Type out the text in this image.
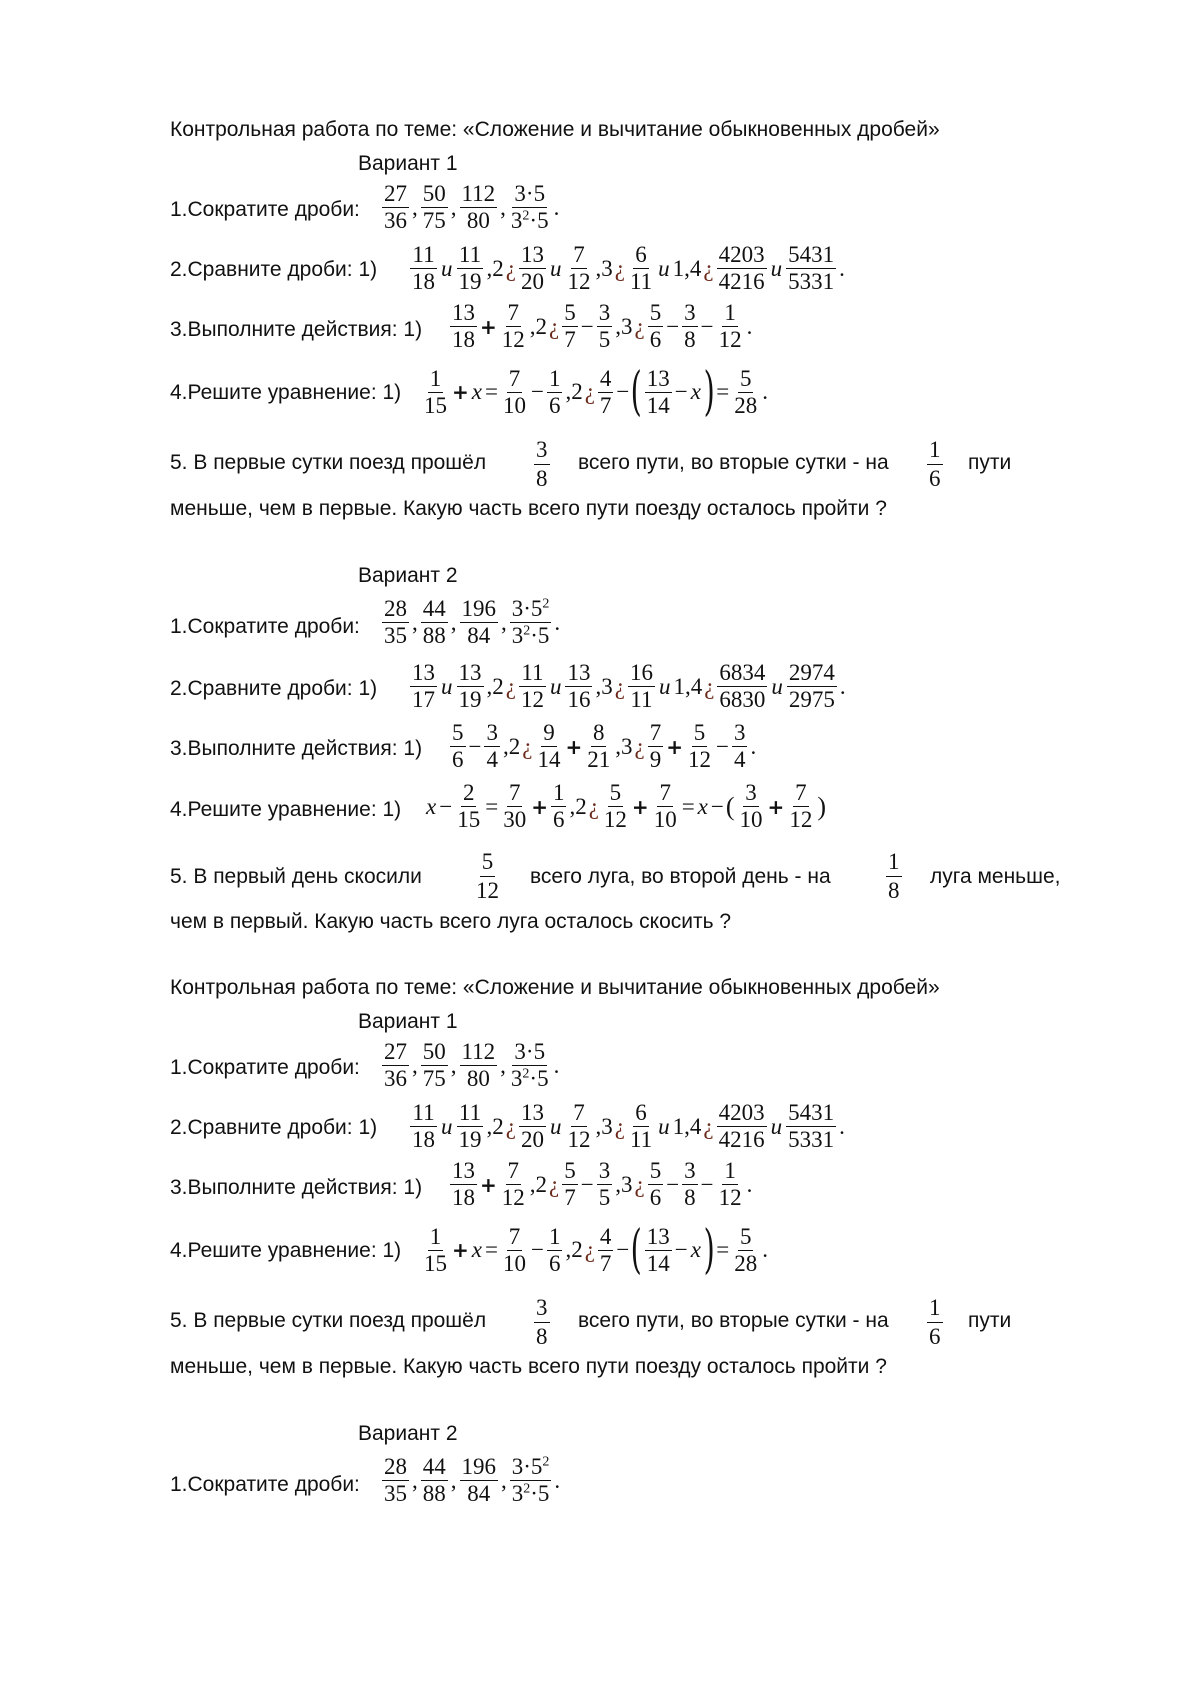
Контрольная работа по теме: «Сложение и вычитание обыкновенных дробей»
Вариант 1
1.Сократите дроби:
27
36
,
50
75
,
112
80
,
3·5
$3^2\cdot 5$
.
2.Сравните дроби: 1)
11
18
u
11
19
,2 ¿
13
20
u
7
12
,3 ¿
6
11
u 1,4 ¿
4203
4216
u
5431
5331
.
3.Выполните действия: 1)
13
18
+ $\frac{7}{12} ,2$ ¿
5
7
− $\frac{3}{5} ,3$ ¿
5
6
− $\frac{3}{8} - \frac{1}{12}$ .
4.Решите уравнение: 1)
1
15
+ $x = \frac{7}{10} - \frac{1}{6} ,2$ ¿
4
7
− ( 13
14
− x ) = $\frac{5}{28}$ .
5. В первые сутки поезд прошёл
3
8
всего пути, во вторые сутки - на
1
6
пути
меньше, чем в первые. Какую часть всего пути поезду осталось пройти ?
Вариант 2
1.Сократите дроби:
28
35
,
44
88
,
196
84
,
$3\cdot 5^2$
$3^2\cdot 5$
.
2.Сравните дроби: 1)
13
17
u
13
19
,2 ¿
11
12
u
13
16
,3 ¿
16
11
u 1,4 ¿
6834
6830
u
2974
2975
.
3.Выполните действия: 1)
5
6
− $\frac{3}{4} ,2$ ¿
9
14
+ $\frac{8}{21} ,3$ ¿
7
9
+ $\frac{5}{12} - \frac{3}{4}$ .
4.Решите уравнение: 1) $x - \frac{2}{15} = \frac{7}{30} + \frac{1}{6} ,2$ ¿
5
12
+ $\frac{7}{10} = x$ − ( 3
10
+ $\frac{7}{12}$ )
5. В первый день скосили
5
12
всего луга, во второй день - на
1
8
луга меньше,
чем в первый. Какую часть всего луга осталось скосить ?
Контрольная работа по теме: «Сложение и вычитание обыкновенных дробей»
Вариант 1
1.Сократите дроби:
27
36
,
50
75
,
112
80
,
3·5
$3^2\cdot 5$
.
2.Сравните дроби: 1)
11
18
u
11
19
,2 ¿
13
20
u
7
12
,3 ¿
6
11
u 1,4 ¿
4203
4216
u
5431
5331
.
3.Выполните действия: 1)
13
18
+ $\frac{7}{12} ,2$ ¿
5
7
− $\frac{3}{5} ,3$ ¿
5
6
− $\frac{3}{8} - \frac{1}{12}$ .
4.Решите уравнение: 1)
1
15
+ $x = \frac{7}{10} - \frac{1}{6} ,2$ ¿
4
7
− ( 13
14
− x ) = $\frac{5}{28}$ .
5. В первые сутки поезд прошёл
3
8
всего пути, во вторые сутки - на
1
6
пути
меньше, чем в первые. Какую часть всего пути поезду осталось пройти ?
Вариант 2
1.Сократите дроби:
28
35
,
44
88
,
196
84
,
$3\cdot 5^2$
$3^2\cdot 5$
.
